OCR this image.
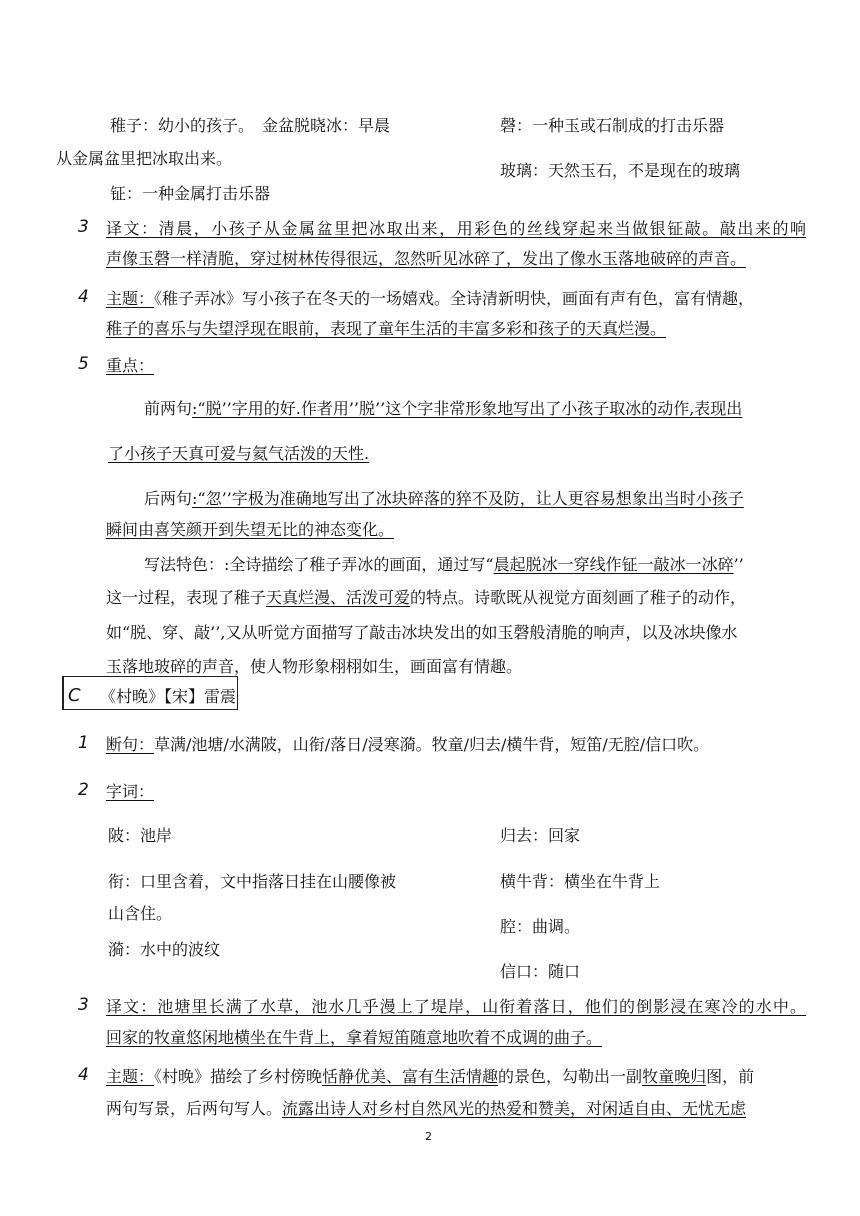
稚子：幼小的孩子。　金盆脱晓冰：早晨
从金属盆里把冰取出来。
钲：一种金属打击乐器
磬：一种玉或石制成的打击乐器
玻璃：天然玉石，不是现在的玻璃
3 译文：清晨，小孩子从金属盆里把冰取出来，用彩色的丝线穿起来当做银钲敲。敲出来的响
声像玉磬一样清脆，穿过树林传得很远，忽然听见冰碎了，发出了像水玉落地破碎的声音。
4 主题：《稚子弄冰》写小孩子在冬天的一场嬉戏。全诗清新明快，画面有声有色，富有情趣，
稚子的喜乐与失望浮现在眼前，表现了童年生活的丰富多彩和孩子的天真烂漫。
5 重点：
前两句:“脱’’字用的好.作者用’’脱’’这个字非常形象地写出了小孩子取冰的动作,表现出
了小孩子天真可爱与氦气活泼的天性.
后两句:“忽’’字极为准确地写出了冰块碎落的猝不及防，让人更容易想象出当时小孩子
瞬间由喜笑颜开到失望无比的神态变化。
写法特色：:全诗描绘了稚子弄冰的画面，通过写“晨起脱冰一穿线作钲一敲冰一冰碎’’
这一过程，表现了稚子天真烂漫、活泼可爱的特点。诗歌既从视觉方面刻画了稚子的动作，
如“脱、穿、敲’’,又从听觉方面描写了敲击冰块发出的如玉磬般清脆的响声，以及冰块像水
玉落地玻碎的声音，使人物形象栩栩如生，画面富有情趣。
C 《村晚》【宋】雷震
1 断句：草满/池塘/水满陂，山衔/落日/浸寒漪。牧童/归去/横牛背，短笛/无腔/信口吹。
2 字词：
陂：池岸
衔：口里含着，文中指落日挂在山腰像被
山含住。
漪：水中的波纹
归去：回家
横牛背：横坐在牛背上
腔：曲调。
信口：随口
3 译文：池塘里长满了水草，池水几乎漫上了堤岸，山衔着落日，他们的倒影浸在寒冷的水中。
回家的牧童悠闲地横坐在牛背上，拿着短笛随意地吹着不成调的曲子。
4 主题：《村晚》描绘了乡村傍晚恬静优美、富有生活情趣的景色，勾勒出一副牧童晚归图，前
两句写景，后两句写人。流露出诗人对乡村自然风光的热爱和赞美，对闲适自由、无忧无虑
2
